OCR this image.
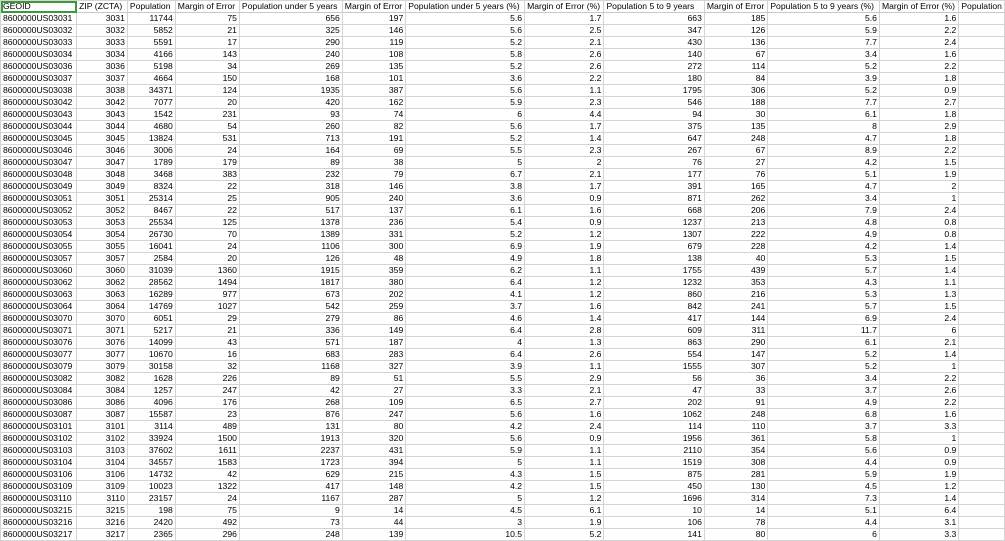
GEOID	ZIP (ZCTA)	Population	Margin of Error	Population under 5 years	Margin of Error	Population under 5 years (%)	Margin of Error (%)	Population 5 to 9 years	Margin of Error	Population 5 to 9 years (%)	Margin of Error (%)	Population
8600000US03031	3031	11744	75	656	197	5.6	1.7	663	185	5.6	1.6	
8600000US03032	3032	5852	21	325	146	5.6	2.5	347	126	5.9	2.2	
8600000US03033	3033	5591	17	290	119	5.2	2.1	430	136	7.7	2.4	
8600000US03034	3034	4166	143	240	108	5.8	2.6	140	67	3.4	1.6	
8600000US03036	3036	5198	34	269	135	5.2	2.6	272	114	5.2	2.2	
8600000US03037	3037	4664	150	168	101	3.6	2.2	180	84	3.9	1.8	
8600000US03038	3038	34371	124	1935	387	5.6	1.1	1795	306	5.2	0.9	
8600000US03042	3042	7077	20	420	162	5.9	2.3	546	188	7.7	2.7	
8600000US03043	3043	1542	231	93	74	6	4.4	94	30	6.1	1.8	
8600000US03044	3044	4680	54	260	82	5.6	1.7	375	135	8	2.9	
8600000US03045	3045	13824	531	713	191	5.2	1.4	647	248	4.7	1.8	
8600000US03046	3046	3006	24	164	69	5.5	2.3	267	67	8.9	2.2	
8600000US03047	3047	1789	179	89	38	5	2	76	27	4.2	1.5	
8600000US03048	3048	3468	383	232	79	6.7	2.1	177	76	5.1	1.9	
8600000US03049	3049	8324	22	318	146	3.8	1.7	391	165	4.7	2	
8600000US03051	3051	25314	25	905	240	3.6	0.9	871	262	3.4	1	
8600000US03052	3052	8467	22	517	137	6.1	1.6	668	206	7.9	2.4	
8600000US03053	3053	25534	125	1378	236	5.4	0.9	1237	213	4.8	0.8	
8600000US03054	3054	26730	70	1389	331	5.2	1.2	1307	222	4.9	0.8	
8600000US03055	3055	16041	24	1106	300	6.9	1.9	679	228	4.2	1.4	
8600000US03057	3057	2584	20	126	48	4.9	1.8	138	40	5.3	1.5	
8600000US03060	3060	31039	1360	1915	359	6.2	1.1	1755	439	5.7	1.4	
8600000US03062	3062	28562	1494	1817	380	6.4	1.2	1232	353	4.3	1.1	
8600000US03063	3063	16289	977	673	202	4.1	1.2	860	216	5.3	1.3	
8600000US03064	3064	14769	1027	542	259	3.7	1.6	842	241	5.7	1.5	
8600000US03070	3070	6051	29	279	86	4.6	1.4	417	144	6.9	2.4	
8600000US03071	3071	5217	21	336	149	6.4	2.8	609	311	11.7	6	
8600000US03076	3076	14099	43	571	187	4	1.3	863	290	6.1	2.1	
8600000US03077	3077	10670	16	683	283	6.4	2.6	554	147	5.2	1.4	
8600000US03079	3079	30158	32	1168	327	3.9	1.1	1555	307	5.2	1	
8600000US03082	3082	1628	226	89	51	5.5	2.9	56	36	3.4	2.2	
8600000US03084	3084	1257	247	42	27	3.3	2.1	47	33	3.7	2.6	
8600000US03086	3086	4096	176	268	109	6.5	2.7	202	91	4.9	2.2	
8600000US03087	3087	15587	23	876	247	5.6	1.6	1062	248	6.8	1.6	
8600000US03101	3101	3114	489	131	80	4.2	2.4	114	110	3.7	3.3	
8600000US03102	3102	33924	1500	1913	320	5.6	0.9	1956	361	5.8	1	
8600000US03103	3103	37602	1611	2237	431	5.9	1.1	2110	354	5.6	0.9	
8600000US03104	3104	34557	1583	1723	394	5	1.1	1519	308	4.4	0.9	
8600000US03106	3106	14732	42	629	215	4.3	1.5	875	281	5.9	1.9	
8600000US03109	3109	10023	1322	417	148	4.2	1.5	450	130	4.5	1.2	
8600000US03110	3110	23157	24	1167	287	5	1.2	1696	314	7.3	1.4	
8600000US03215	3215	198	75	9	14	4.5	6.1	10	14	5.1	6.4	
8600000US03216	3216	2420	492	73	44	3	1.9	106	78	4.4	3.1	
8600000US03217	3217	2365	296	248	139	10.5	5.2	141	80	6	3.3	
